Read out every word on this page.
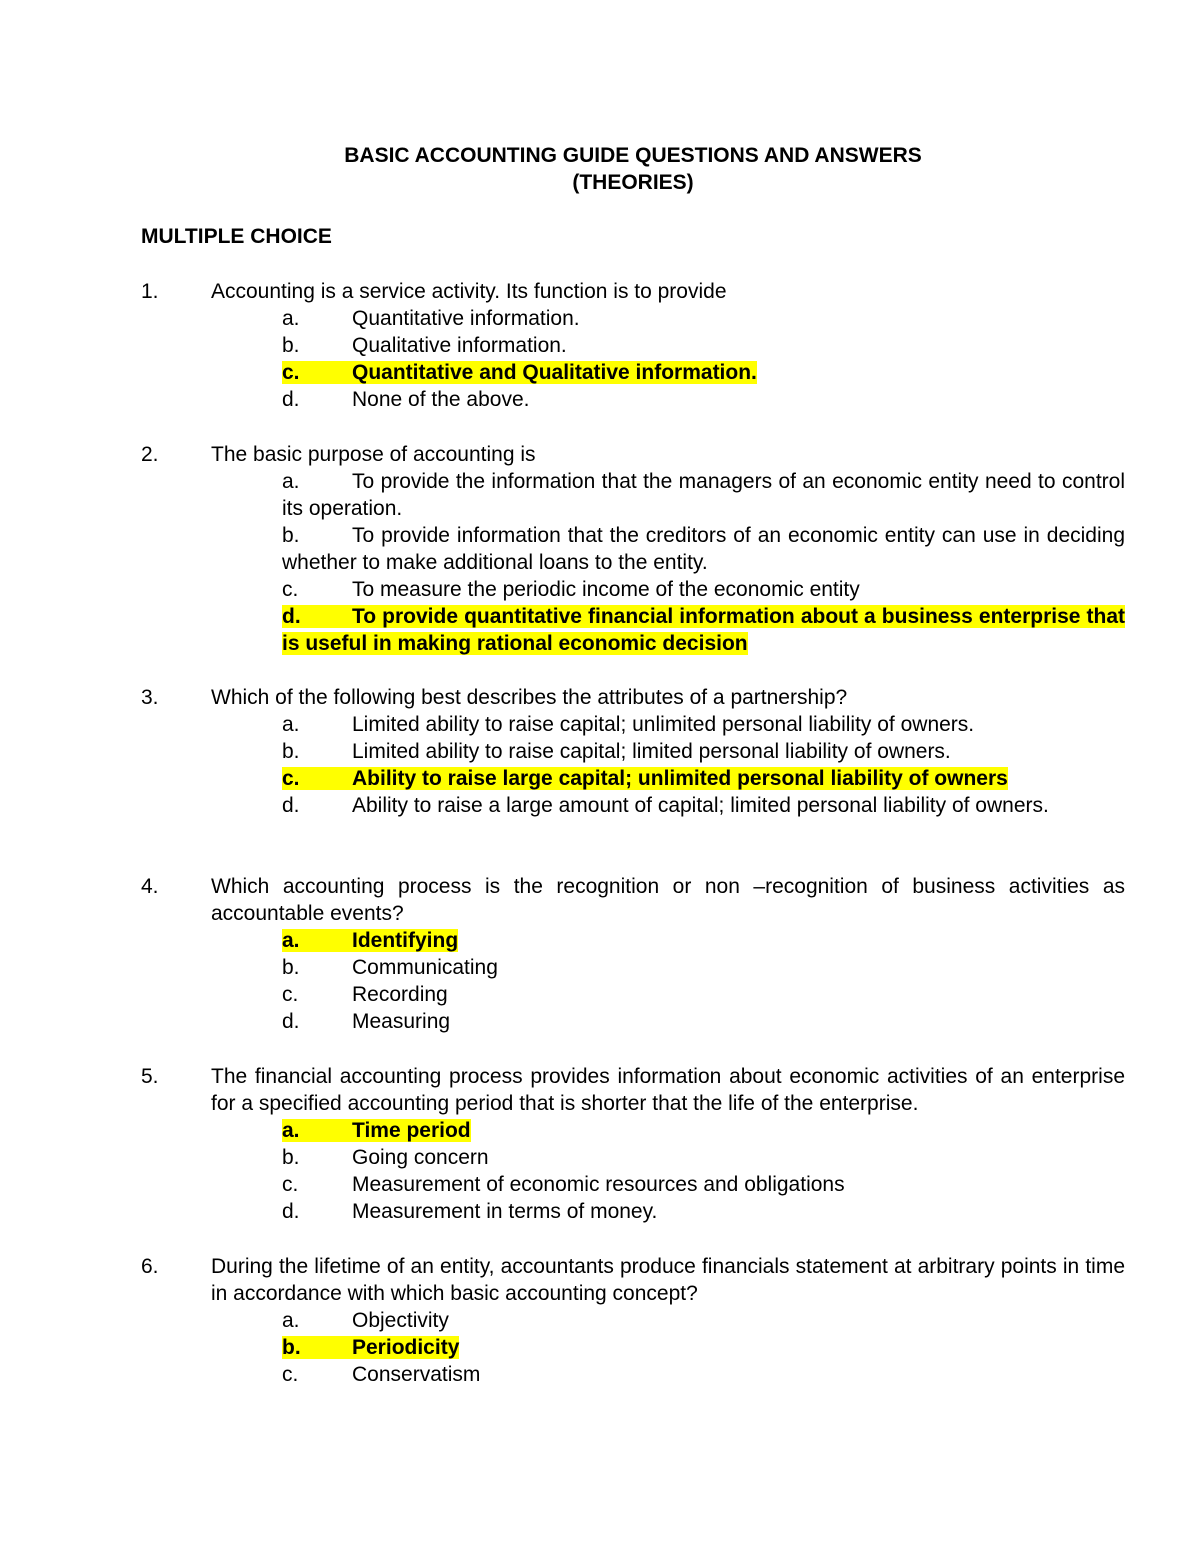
BASIC ACCOUNTING GUIDE QUESTIONS AND ANSWERS
(THEORIES)
MULTIPLE CHOICE
1. Accounting is a service activity. Its function is to provide
a. Quantitative information.
b. Qualitative information.
c. Quantitative and Qualitative information.
d. None of the above.
2. The basic purpose of accounting is
a. To provide the information that the managers of an economic entity need to control its operation.
b. To provide information that the creditors of an economic entity can use in deciding whether to make additional loans to the entity.
c.	To measure the periodic income of the economic entity
d. To provide quantitative financial information about a business enterprise that is useful in making rational economic decision
3. Which of the following best describes the attributes of a partnership?
a. Limited ability to raise capital; unlimited personal liability of owners.
b. Limited ability to raise capital; limited personal liability of owners.
c. Ability to raise large capital; unlimited personal liability of owners
d. Ability to raise a large amount of capital; limited personal liability of owners.
4. Which accounting process is the recognition or non –recognition of business activities as accountable events?
a. Identifying
b. Communicating
c.	Recording
d. Measuring
5. The financial accounting process provides information about economic activities of an enterprise for a specified accounting period that is shorter that the life of the enterprise.
a. Time period
b. Going concern
c.	Measurement of economic resources and obligations
d. Measurement in terms of money.
6. During the lifetime of an entity, accountants produce financials statement at arbitrary points in time in accordance with which basic accounting concept?
a. Objectivity
b. Periodicity
c.	Conservatism
